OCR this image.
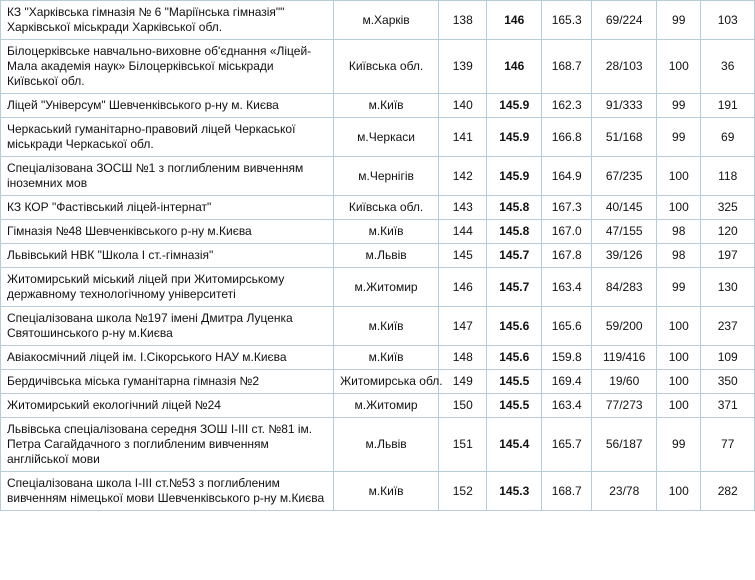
КЗ "Харківська гімназія № 6 "Маріїнська гімназія"" Харківської міськради Харківської обл.	м.Харків	138	146	165.3	69/224	99	103
Білоцерківське навчально-виховне об'єднання «Ліцей-Мала академія наук» Білоцерківської міськради Київської обл.	Київська обл.	139	146	168.7	28/103	100	36
Ліцей "Універсум" Шевченківського р-ну м. Києва	м.Київ	140	145.9	162.3	91/333	99	191
Черкаський гуманітарно-правовий ліцей Черкаської міськради Черкаської обл.	м.Черкаси	141	145.9	166.8	51/168	99	69
Спеціалізована ЗОСШ №1 з поглибленим вивченням іноземних мов	м.Чернігів	142	145.9	164.9	67/235	100	118
КЗ КОР "Фастівський ліцей-інтернат"	Київська обл.	143	145.8	167.3	40/145	100	325
Гімназія №48 Шевченківського р-ну м.Києва	м.Київ	144	145.8	167.0	47/155	98	120
Львівський НВК "Школа I ст.-гімназія"	м.Львів	145	145.7	167.8	39/126	98	197
Житомирський міський ліцей при Житомирському державному технологічному університеті	м.Житомир	146	145.7	163.4	84/283	99	130
Спеціалізована школа №197 імені Дмитра Луценка Святошинського р-ну м.Києва	м.Київ	147	145.6	165.6	59/200	100	237
Авіакосмічний ліцей ім. І.Сікорського НАУ м.Києва	м.Київ	148	145.6	159.8	119/416	100	109
Бердичівська міська гуманітарна гімназія №2	Житомирська обл.	149	145.5	169.4	19/60	100	350
Житомирський екологічний ліцей №24	м.Житомир	150	145.5	163.4	77/273	100	371
Львівська спеціалізована середня ЗОШ I-III ст. №81 ім. Петра Сагайдачного з поглибленим вивченням англійської мови	м.Львів	151	145.4	165.7	56/187	99	77
Спеціалізована школа I-III ст.№53 з поглибленим вивченням німецької мови Шевченківського р-ну м.Києва	м.Київ	152	145.3	168.7	23/78	100	282
